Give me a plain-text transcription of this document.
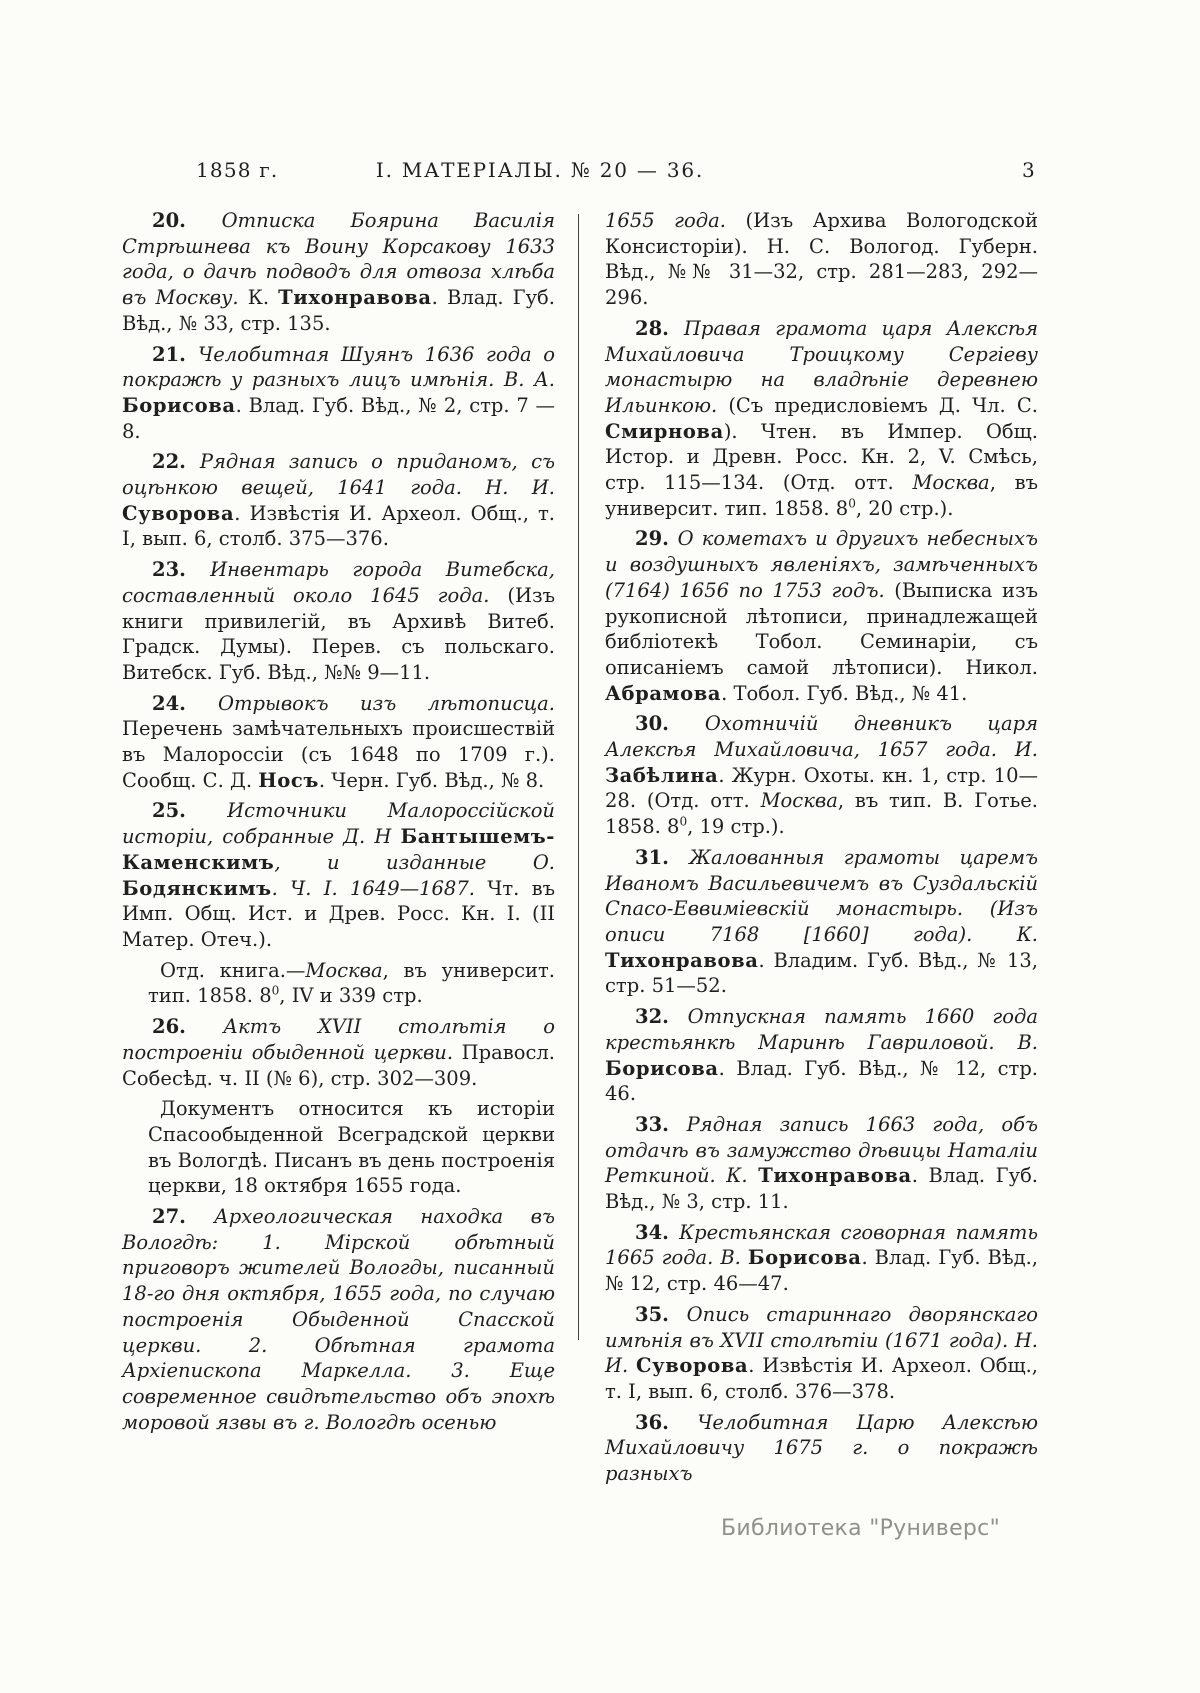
1858 г.	І. МАТЕРІАЛЫ. № 20 — 36.	3

20. Отписка Боярина Василія Стрѣшнева къ Воину Корсакову 1633 года, о дачѣ подводъ для отвоза хлѣба въ Москву. К. Тихонравова. Влад. Губ. Вѣд., № 33, стр. 135.

21. Челобитная Шуянъ 1636 года о покражѣ у разныхъ лицъ имѣнія. В. А. Борисова. Влад. Губ. Вѣд., № 2, стр. 7 — 8.

22. Рядная запись о приданомъ, съ оцѣнкою вещей, 1641 года. Н. И. Суворова. Извѣстія И. Археол. Общ., т. I, вып. 6, столб. 375—376.

23. Инвентарь города Витебска, составленный около 1645 года. (Изъ книги привилегій, въ Архивѣ Витеб. Градск. Думы). Перев. съ польскаго. Витебск. Губ. Вѣд., №№ 9—11.

24. Отрывокъ изъ лѣтописца. Перечень замѣчательныхъ происшествій въ Малороссіи (съ 1648 по 1709 г.). Сообщ. С. Д. Носъ. Черн. Губ. Вѣд., № 8.

25. Источники Малороссійской исторіи, собранные Д. Н Бантышемъ-Каменскимъ, и изданные О. Бодянскимъ. Ч. I. 1649—1687. Чт. въ Имп. Общ. Ист. и Древ. Росс. Кн. I. (II Матер. Отеч.).

Отд. книга.—Москва, въ университ. тип. 1858. $8^0$, IV и 339 стр.

26. Актъ XVII столѣтія о построеніи обыденной церкви. Правосл. Собесѣд. ч. II (№ 6), стр. 302—309.

Документъ относится къ исторіи Спасообыденной Всеградской церкви въ Вологдѣ. Писанъ въ день построенія церкви, 18 октября 1655 года.

27. Археологическая находка въ Вологдѣ: 1. Мірской обѣтный приговоръ жителей Вологды, писанный 18-го дня октября, 1655 года, по случаю построенія Обыденной Спасской церкви. 2. Обѣтная грамота Архіепископа Маркелла. 3. Еще современное свидѣтельство объ эпохѣ моровой язвы въ г. Вологдѣ осенью

1655 года. (Изъ Архива Вологодской Консисторіи). Н. С. Вологод. Губерн. Вѣд., №№ 31—32, стр. 281—283, 292—296.

28. Правая грамота царя Алексѣя Михайловича Троицкому Сергіеву монастырю на владѣніе деревнею Ильинкою. (Съ предисловіемъ Д. Чл. С. Смирнова). Чтен. въ Импер. Общ. Истор. и Древн. Росс. Кн. 2, V. Смѣсь, стр. 115—134. (Отд. отт. Москва, въ университ. тип. 1858. $8^0$, 20 стр.).

29. О кометахъ и другихъ небесныхъ и воздушныхъ явленіяхъ, замѣченныхъ (7164) 1656 по 1753 годъ. (Выписка изъ рукописной лѣтописи, принадлежащей библіотекѣ Тобол. Семинаріи, съ описаніемъ самой лѣтописи). Никол. Абрамова. Тобол. Губ. Вѣд., № 41.

30. Охотничій дневникъ царя Алексѣя Михайловича, 1657 года. И. Забѣлина. Журн. Охоты. кн. 1, стр. 10—28. (Отд. отт. Москва, въ тип. В. Готье. 1858. $8^0$, 19 стр.).

31. Жалованныя грамоты царемъ Иваномъ Васильевичемъ въ Суздальскій Спасо-Еввиміевскій монастырь. (Изъ описи 7168 [1660] года). К. Тихонравова. Владим. Губ. Вѣд., № 13, стр. 51—52.

32. Отпускная память 1660 года крестьянкѣ Маринѣ Гавриловой. В. Борисова. Влад. Губ. Вѣд., № 12, стр. 46.

33. Рядная запись 1663 года, объ отдачѣ въ замужство дѣвицы Наталіи Реткиной. К. Тихонравова. Влад. Губ. Вѣд., № 3, стр. 11.

34. Крестьянская сговорная память 1665 года. В. Борисова. Влад. Губ. Вѣд., № 12, стр. 46—47.

35. Опись стариннаго дворянскаго имѣнія въ XVII столѣтіи (1671 года). Н. И. Суворова. Извѣстія И. Археол. Общ., т. I, вып. 6, столб. 376—378.

36. Челобитная Царю Алексѣю Михайловичу 1675 г. о покражѣ разныхъ

Библиотека "Руниверс"
